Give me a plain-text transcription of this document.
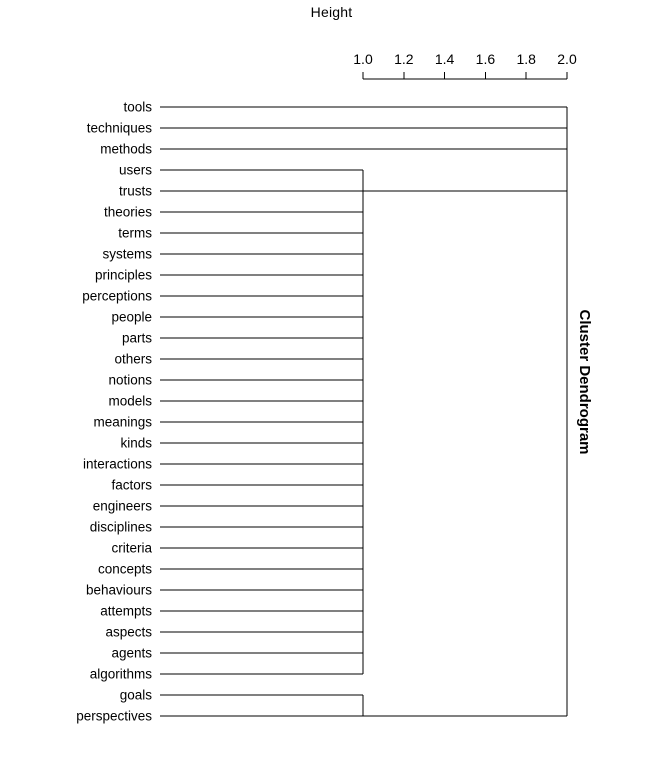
Height
Cluster Dendrogram
1.0 1.2 1.4 1.6 1.8 2.0
tools
techniques
methods
users
trusts
theories
terms
systems
principles
perceptions
people
parts
others
notions
models
meanings
kinds
interactions
factors
engineers
disciplines
criteria
concepts
behaviours
attempts
aspects
agents
algorithms
goals
perspectives
